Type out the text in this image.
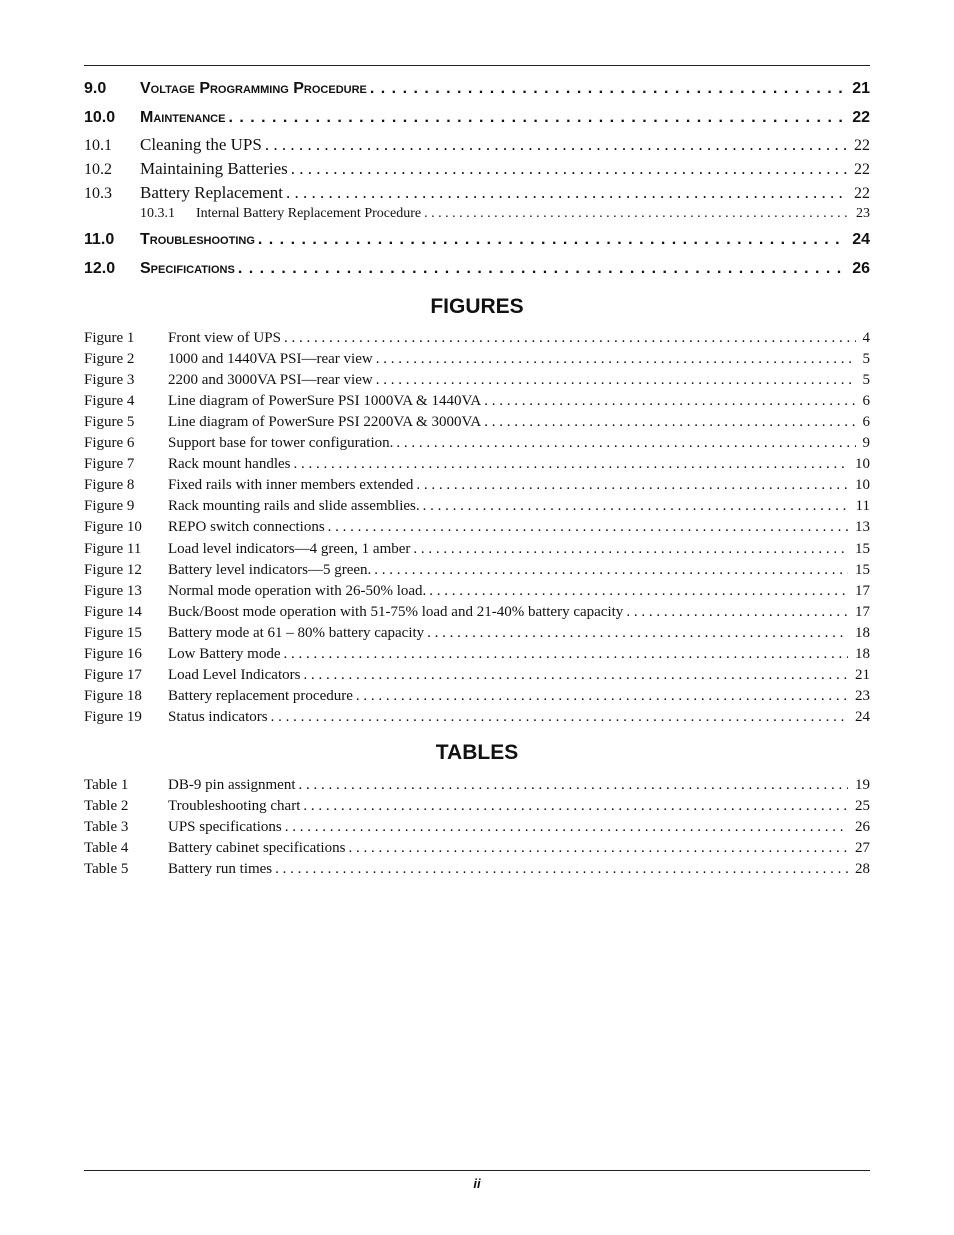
9.0	Voltage Programming Procedure . . .	21
10.0	Maintenance . . .	22
10.1	Cleaning the UPS . . .	22
10.2	Maintaining Batteries . . .	22
10.3	Battery Replacement . . .	22
10.3.1	Internal Battery Replacement Procedure . . .	23
11.0	Troubleshooting . . .	24
12.0	Specifications . . .	26
FIGURES
Figure 1	Front view of UPS . . .	4
Figure 2	1000 and 1440VA PSI—rear view . . .	5
Figure 3	2200 and 3000VA PSI—rear view . . .	5
Figure 4	Line diagram of PowerSure PSI 1000VA & 1440VA . . .	6
Figure 5	Line diagram of PowerSure PSI 2200VA & 3000VA . . .	6
Figure 6	Support base for tower configuration. . . .	9
Figure 7	Rack mount handles . . .	10
Figure 8	Fixed rails with inner members extended . . .	10
Figure 9	Rack mounting rails and slide assemblies. . . .	11
Figure 10	REPO switch connections . . .	13
Figure 11	Load level indicators—4 green, 1 amber . . .	15
Figure 12	Battery level indicators—5 green. . . .	15
Figure 13	Normal mode operation with 26-50% load. . . .	17
Figure 14	Buck/Boost mode operation with 51-75% load and 21-40% battery capacity . . .	17
Figure 15	Battery mode at 61 – 80% battery capacity . . .	18
Figure 16	Low Battery mode . . .	18
Figure 17	Load Level Indicators . . .	21
Figure 18	Battery replacement procedure . . .	23
Figure 19	Status indicators . . .	24
TABLES
Table 1	DB-9 pin assignment . . .	19
Table 2	Troubleshooting chart . . .	25
Table 3	UPS specifications . . .	26
Table 4	Battery cabinet specifications . . .	27
Table 5	Battery run times . . .	28
ii
